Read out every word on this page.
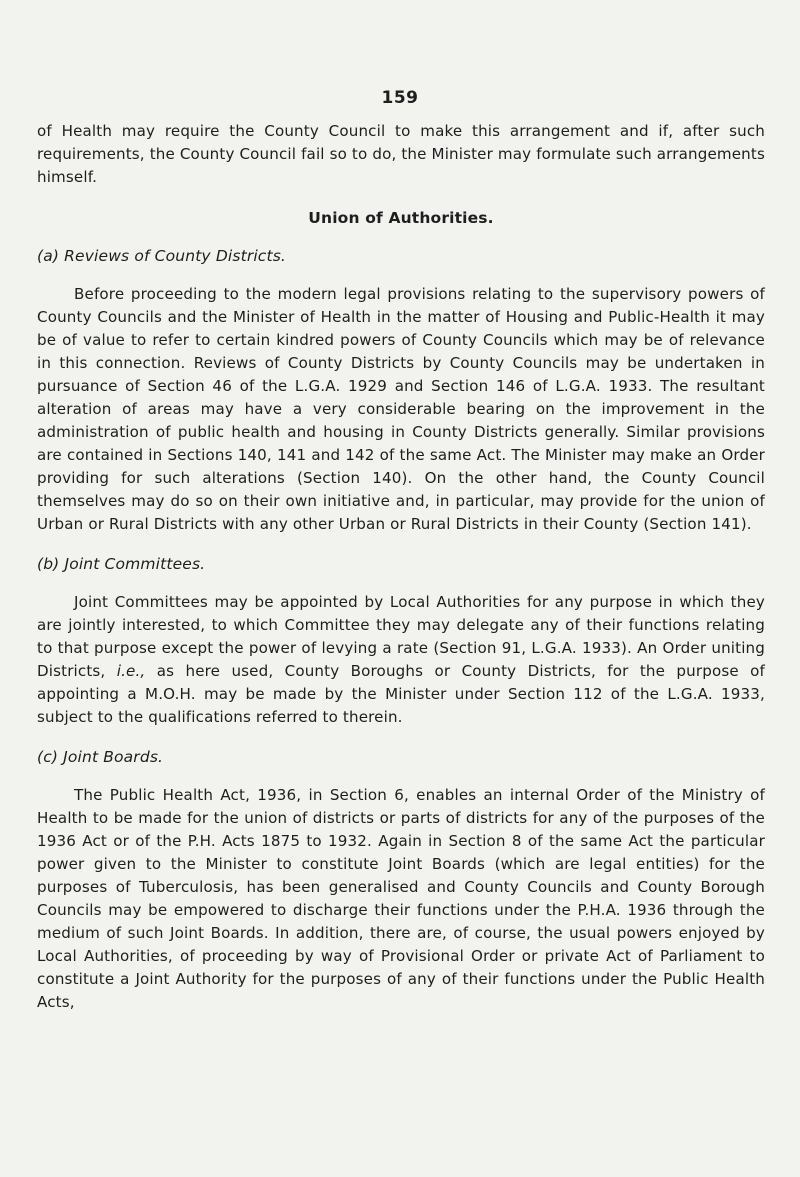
159

of Health may require the County Council to make this arrangement and if, after such requirements, the County Council fail so to do, the Minister may formulate such arrangements himself.

Union of Authorities.

(a) Reviews of County Districts.

Before proceeding to the modern legal provisions relating to the supervisory powers of County Councils and the Minister of Health in the matter of Housing and Public-Health it may be of value to refer to certain kindred powers of County Councils which may be of relevance in this connection. Reviews of County Districts by County Councils may be undertaken in pursuance of Section 46 of the L.G.A. 1929 and Section 146 of L.G.A. 1933. The resultant alteration of areas may have a very considerable bearing on the improvement in the administration of public health and housing in County Districts generally. Similar provisions are contained in Sections 140, 141 and 142 of the same Act. The Minister may make an Order providing for such alterations (Section 140). On the other hand, the County Council themselves may do so on their own initiative and, in particular, may provide for the union of Urban or Rural Districts with any other Urban or Rural Districts in their County (Section 141).

(b) Joint Committees.

Joint Committees may be appointed by Local Authorities for any purpose in which they are jointly interested, to which Committee they may delegate any of their functions relating to that purpose except the power of levying a rate (Section 91, L.G.A. 1933). An Order uniting Districts, i.e., as here used, County Boroughs or County Districts, for the purpose of appointing a M.O.H. may be made by the Minister under Section 112 of the L.G.A. 1933, subject to the qualifications referred to therein.

(c) Joint Boards.

The Public Health Act, 1936, in Section 6, enables an internal Order of the Ministry of Health to be made for the union of districts or parts of districts for any of the purposes of the 1936 Act or of the P.H. Acts 1875 to 1932. Again in Section 8 of the same Act the particular power given to the Minister to constitute Joint Boards (which are legal entities) for the purposes of Tuberculosis, has been generalised and County Councils and County Borough Councils may be empowered to discharge their functions under the P.H.A. 1936 through the medium of such Joint Boards. In addition, there are, of course, the usual powers enjoyed by Local Authorities, of proceeding by way of Provisional Order or private Act of Parliament to constitute a Joint Authority for the purposes of any of their functions under the Public Health Acts,
